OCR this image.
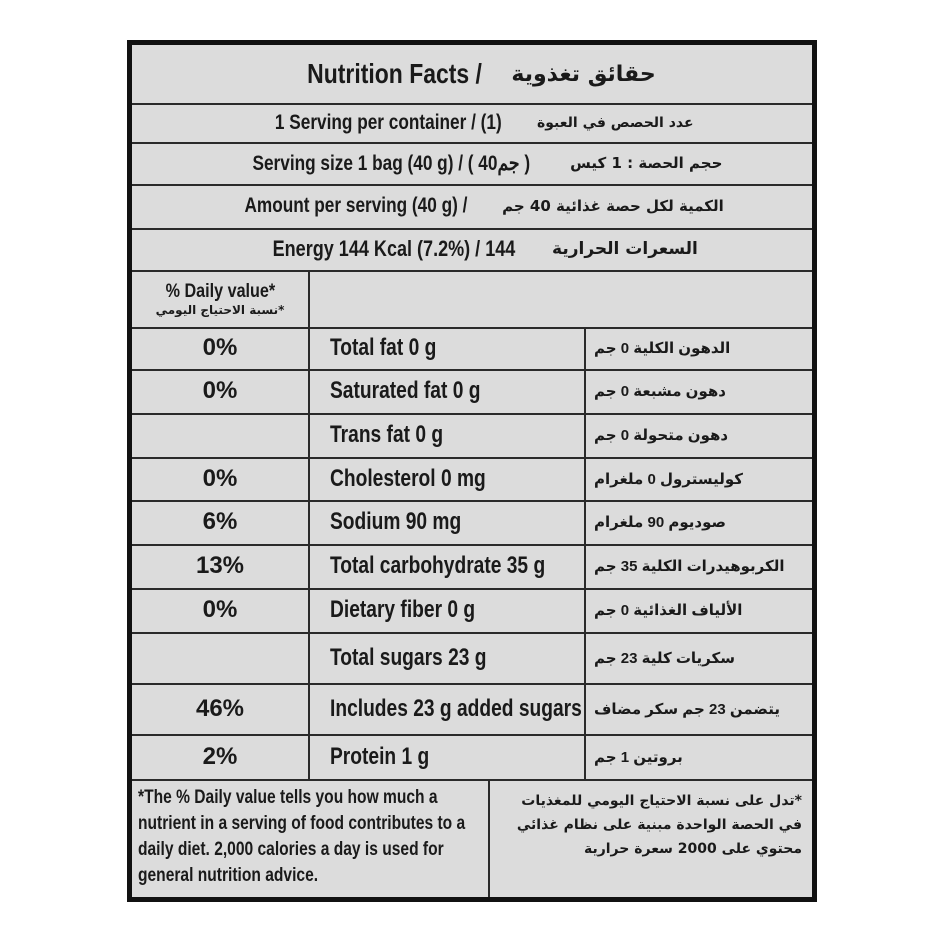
Nutrition Facts / حقائق تغذوية
1 Serving per container / (1) عدد الحصص في العبوة
Serving size 1 bag (40 g) / ( 40جم )	حجم الحصة : 1 كيس
Amount per serving (40 g) / الكمية لكل حصة غذائية 40 جم
Energy 144 Kcal (7.2%) / 144 السعرات الحرارية
% Daily value*
*نسبة الاحتياج اليومي
0%	Total fat 0 g	الدهون الكلية 0 جم
0%	Saturated fat 0 g	دهون مشبعة 0 جم
Trans fat 0 g	دهون متحولة 0 جم
0%	Cholesterol 0 mg	كوليسترول 0 ملغرام
6%	Sodium 90 mg	صوديوم 90 ملغرام
13%	Total carbohydrate 35 g	الكربوهيدرات الكلية 35 جم
0%	Dietary fiber 0 g	الألياف الغذائية 0 جم
Total sugars 23 g	سكريات كلية 23 جم
46%	Includes 23 g added sugars يتضمن 23 جم سكر مضاف
2%	Protein 1 g	بروتين 1 جم
*The % Daily value tells you how much a nutrient in a serving of food contributes to a daily diet. 2,000 calories a day is used for general nutrition advice.
*تدل على نسبة الاحتياج اليومي للمغذيات في الحصة الواحدة مبنية على نظام غذائي محتوي على 2000 سعرة حرارية
